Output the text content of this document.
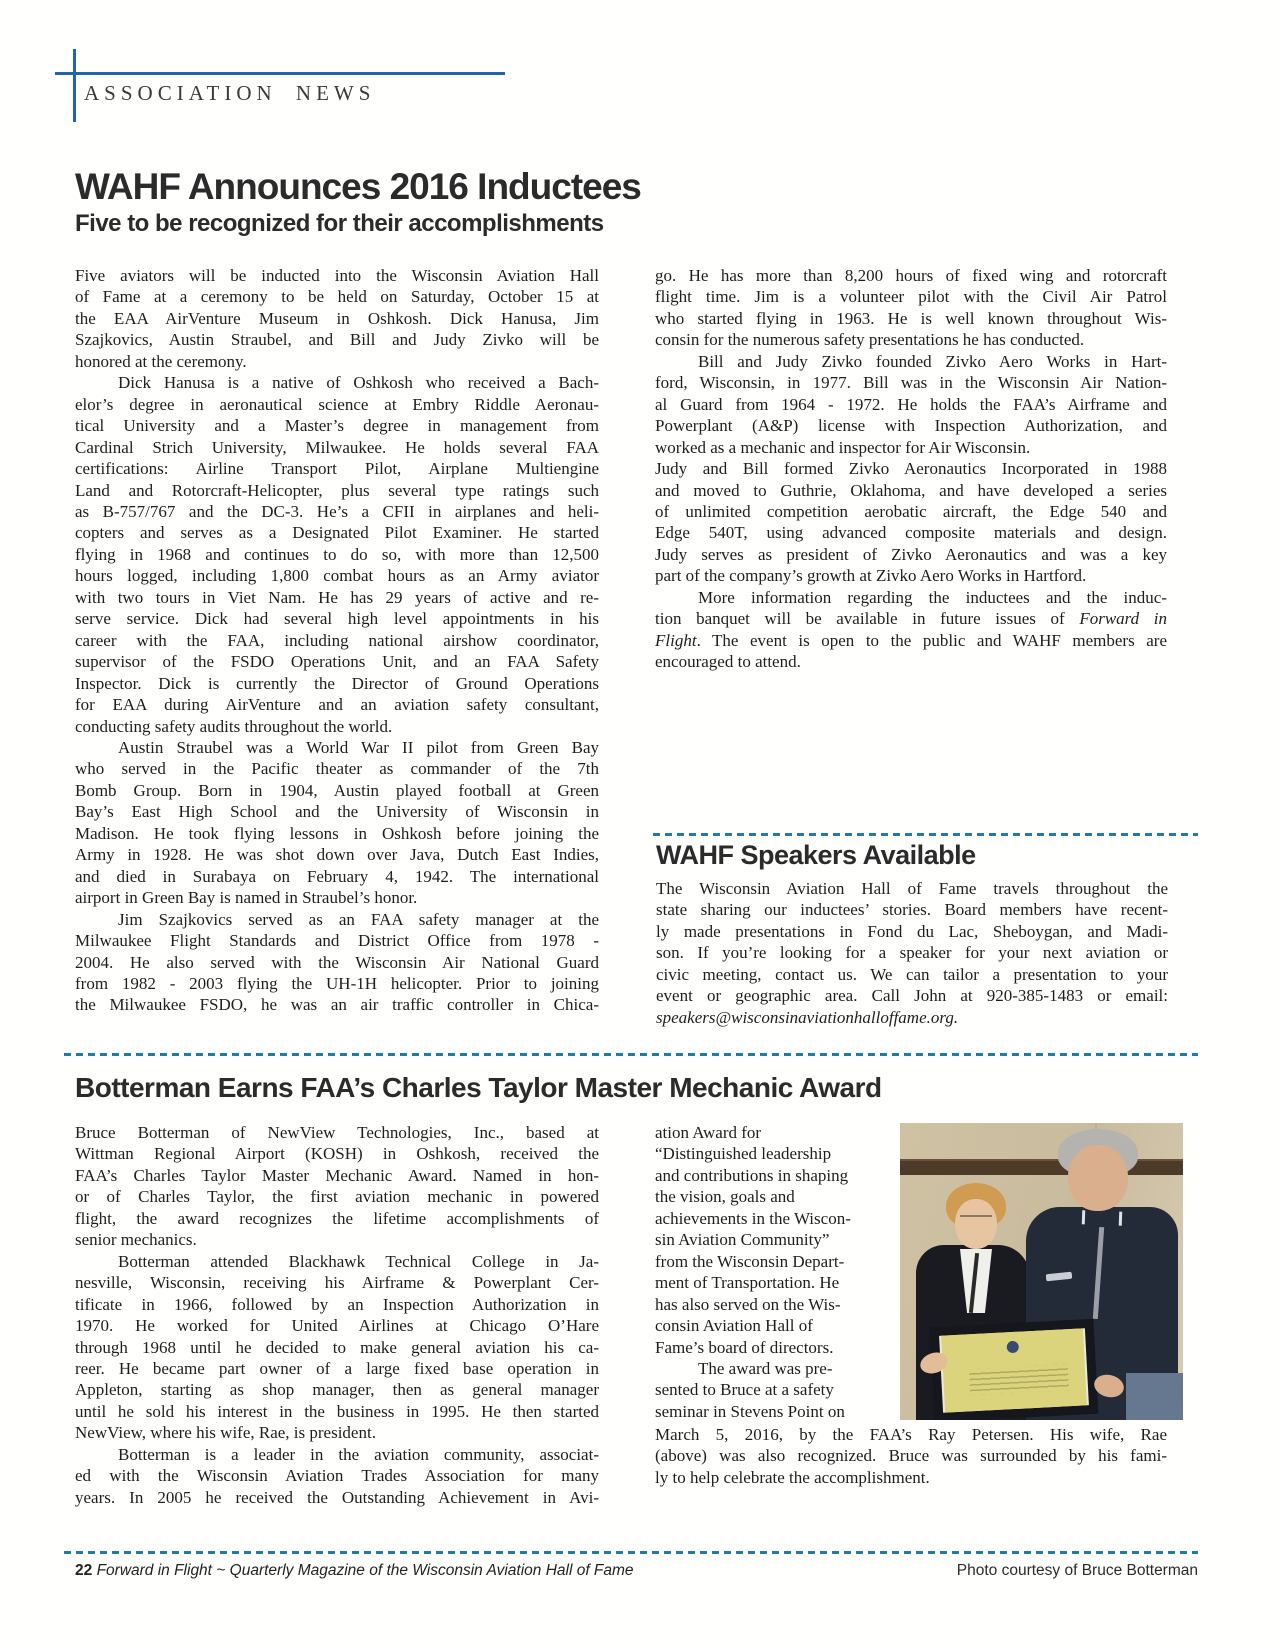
ASSOCIATION NEWS
WAHF Announces 2016 Inductees
Five to be recognized for their accomplishments
Five aviators will be inducted into the Wisconsin Aviation Hall
of Fame at a ceremony to be held on Saturday, October 15 at
the EAA AirVenture Museum in Oshkosh. Dick Hanusa, Jim
Szajkovics, Austin Straubel, and Bill and Judy Zivko will be
honored at the ceremony.
Dick Hanusa is a native of Oshkosh who received a Bach-
elor’s degree in aeronautical science at Embry Riddle Aeronau-
tical University and a Master’s degree in management from
Cardinal Strich University, Milwaukee. He holds several FAA
certifications: Airline Transport Pilot, Airplane Multiengine
Land and Rotorcraft-Helicopter, plus several type ratings such
as B-757/767 and the DC-3. He’s a CFII in airplanes and heli-
copters and serves as a Designated Pilot Examiner. He started
flying in 1968 and continues to do so, with more than 12,500
hours logged, including 1,800 combat hours as an Army aviator
with two tours in Viet Nam. He has 29 years of active and re-
serve service. Dick had several high level appointments in his
career with the FAA, including national airshow coordinator,
supervisor of the FSDO Operations Unit, and an FAA Safety
Inspector. Dick is currently the Director of Ground Operations
for EAA during AirVenture and an aviation safety consultant,
conducting safety audits throughout the world.
Austin Straubel was a World War II pilot from Green Bay
who served in the Pacific theater as commander of the 7th
Bomb Group. Born in 1904, Austin played football at Green
Bay’s East High School and the University of Wisconsin in
Madison. He took flying lessons in Oshkosh before joining the
Army in 1928. He was shot down over Java, Dutch East Indies,
and died in Surabaya on February 4, 1942. The international
airport in Green Bay is named in Straubel’s honor.
Jim Szajkovics served as an FAA safety manager at the
Milwaukee Flight Standards and District Office from 1978 -
2004. He also served with the Wisconsin Air National Guard
from 1982 - 2003 flying the UH-1H helicopter. Prior to joining
the Milwaukee FSDO, he was an air traffic controller in Chica-
go. He has more than 8,200 hours of fixed wing and rotorcraft
flight time. Jim is a volunteer pilot with the Civil Air Patrol
who started flying in 1963. He is well known throughout Wis-
consin for the numerous safety presentations he has conducted.
Bill and Judy Zivko founded Zivko Aero Works in Hart-
ford, Wisconsin, in 1977. Bill was in the Wisconsin Air Nation-
al Guard from 1964 - 1972. He holds the FAA’s Airframe and
Powerplant (A&P) license with Inspection Authorization, and
worked as a mechanic and inspector for Air Wisconsin.
Judy and Bill formed Zivko Aeronautics Incorporated in 1988
and moved to Guthrie, Oklahoma, and have developed a series
of unlimited competition aerobatic aircraft, the Edge 540 and
Edge 540T, using advanced composite materials and design.
Judy serves as president of Zivko Aeronautics and was a key
part of the company’s growth at Zivko Aero Works in Hartford.
More information regarding the inductees and the induc-
tion banquet will be available in future issues of Forward in
Flight. The event is open to the public and WAHF members are
encouraged to attend.
WAHF Speakers Available
The Wisconsin Aviation Hall of Fame travels throughout the
state sharing our inductees’ stories. Board members have recent-
ly made presentations in Fond du Lac, Sheboygan, and Madi-
son. If you’re looking for a speaker for your next aviation or
civic meeting, contact us. We can tailor a presentation to your
event or geographic area. Call John at 920-385-1483 or email:
speakers@wisconsinaviationhalloffame.org.
Botterman Earns FAA’s Charles Taylor Master Mechanic Award
Bruce Botterman of NewView Technologies, Inc., based at
Wittman Regional Airport (KOSH) in Oshkosh, received the
FAA’s Charles Taylor Master Mechanic Award. Named in hon-
or of Charles Taylor, the first aviation mechanic in powered
flight, the award recognizes the lifetime accomplishments of
senior mechanics.
Botterman attended Blackhawk Technical College in Ja-
nesville, Wisconsin, receiving his Airframe & Powerplant Cer-
tificate in 1966, followed by an Inspection Authorization in
1970. He worked for United Airlines at Chicago O’Hare
through 1968 until he decided to make general aviation his ca-
reer. He became part owner of a large fixed base operation in
Appleton, starting as shop manager, then as general manager
until he sold his interest in the business in 1995. He then started
NewView, where his wife, Rae, is president.
Botterman is a leader in the aviation community, associat-
ed with the Wisconsin Aviation Trades Association for many
years. In 2005 he received the Outstanding Achievement in Avi-
ation Award for
“Distinguished leadership
and contributions in shaping
the vision, goals and
achievements in the Wiscon-
sin Aviation Community”
from the Wisconsin Depart-
ment of Transportation. He
has also served on the Wis-
consin Aviation Hall of
Fame’s board of directors.
The award was pre-
sented to Bruce at a safety
seminar in Stevens Point on
March 5, 2016, by the FAA’s Ray Petersen. His wife, Rae
(above) was also recognized. Bruce was surrounded by his fami-
ly to help celebrate the accomplishment.
22 Forward in Flight ~ Quarterly Magazine of the Wisconsin Aviation Hall of Fame	Photo courtesy of Bruce Botterman
